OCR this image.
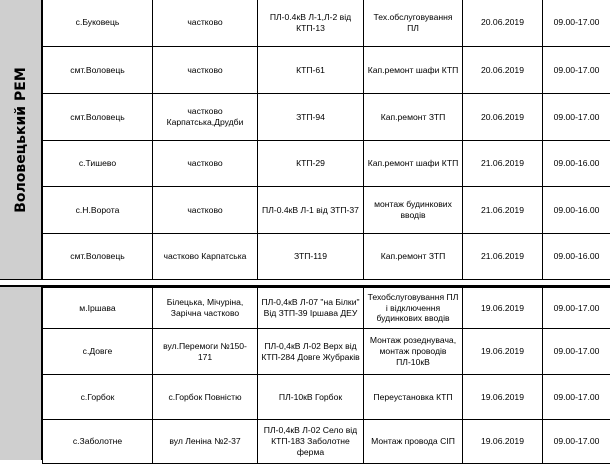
Воловецький РЕМ
с.Буковець	частково	ПЛ-0.4кВ Л-1,Л-2 від КТП-13	Тех.обслуговування ПЛ	20.06.2019	09.00-17.00
смт.Воловець	частково	КТП-61	Кап.ремонт шафи КТП	20.06.2019	09.00-17.00
смт.Воловець	частково Карпатська,Друдби	ЗТП-94	Кап.ремонт ЗТП	20.06.2019	09.00-17.00
с.Тишево	частково	КТП-29	Кап.ремонт шафи КТП	21.06.2019	09.00-16.00
с.Н.Ворота	частково	ПЛ-0.4кВ Л-1 від ЗТП-37	монтаж будинкових вводів	21.06.2019	09.00-16.00
смт.Воловець	частково Карпатська	ЗТП-119	Кап.ремонт ЗТП	21.06.2019	09.00-16.00
м.Іршава	Білецька, Мічуріна, Зарічна частково	ПЛ-0,4кВ Л-07 "на Білки" Від ЗТП-39 Іршава ДЕУ	Техобслуговування ПЛ і відключення будинкових вводів	19.06.2019	09.00-17.00
с.Довге	вул.Перемоги №150-171	ПЛ-0,4кВ Л-02 Верх від КТП-284 Довге Жубраків	Монтаж розеднувача, монтаж проводів ПЛ-10кВ	19.06.2019	09.00-17.00
с.Горбок	с.Горбок Повністю	ПЛ-10кВ Горбок	Переустановка КТП	19.06.2019	09.00-17.00
с.Заболотне	вул Леніна №2-37	ПЛ-0,4кВ Л-02 Село від КТП-183 Заболотне ферма	Монтаж провода СІП	19.06.2019	09.00-17.00
